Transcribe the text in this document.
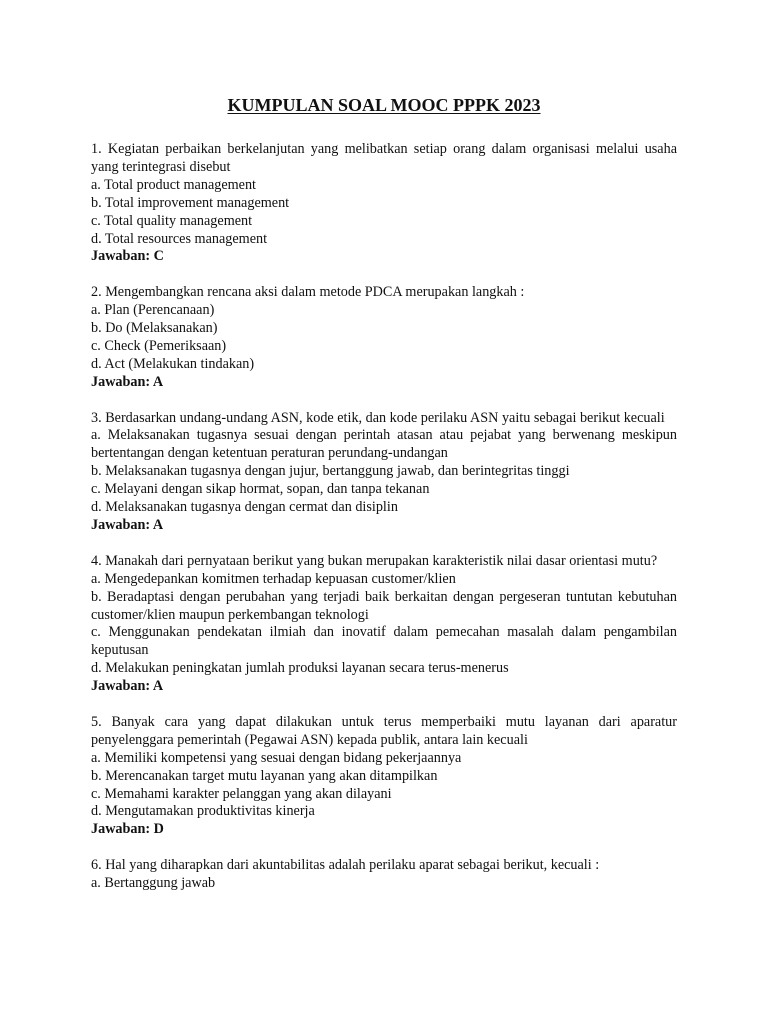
KUMPULAN SOAL MOOC PPPK 2023
1. Kegiatan perbaikan berkelanjutan yang melibatkan setiap orang dalam organisasi melalui usaha yang terintegrasi disebut
a. Total product management
b. Total improvement management
c. Total quality management
d. Total resources management
Jawaban: C
2. Mengembangkan rencana aksi dalam metode PDCA merupakan langkah :
a. Plan (Perencanaan)
b. Do (Melaksanakan)
c. Check (Pemeriksaan)
d. Act (Melakukan tindakan)
Jawaban: A
3. Berdasarkan undang-undang ASN, kode etik, dan kode perilaku ASN yaitu sebagai berikut kecuali
a. Melaksanakan tugasnya sesuai dengan perintah atasan atau pejabat yang berwenang meskipun bertentangan dengan ketentuan peraturan perundang-undangan
b. Melaksanakan tugasnya dengan jujur, bertanggung jawab, dan berintegritas tinggi
c. Melayani dengan sikap hormat, sopan, dan tanpa tekanan
d. Melaksanakan tugasnya dengan cermat dan disiplin
Jawaban: A
4. Manakah dari pernyataan berikut yang bukan merupakan karakteristik nilai dasar orientasi mutu?
a. Mengedepankan komitmen terhadap kepuasan customer/klien
b. Beradaptasi dengan perubahan yang terjadi baik berkaitan dengan pergeseran tuntutan kebutuhan customer/klien maupun perkembangan teknologi
c. Menggunakan pendekatan ilmiah dan inovatif dalam pemecahan masalah dalam pengambilan keputusan
d. Melakukan peningkatan jumlah produksi layanan secara terus-menerus
Jawaban: A
5. Banyak cara yang dapat dilakukan untuk terus memperbaiki mutu layanan dari aparatur penyelenggara pemerintah (Pegawai ASN) kepada publik, antara lain kecuali
a. Memiliki kompetensi yang sesuai dengan bidang pekerjaannya
b. Merencanakan target mutu layanan yang akan ditampilkan
c. Memahami karakter pelanggan yang akan dilayani
d. Mengutamakan produktivitas kinerja
Jawaban: D
6. Hal yang diharapkan dari akuntabilitas adalah perilaku aparat sebagai berikut, kecuali :
a. Bertanggung jawab
